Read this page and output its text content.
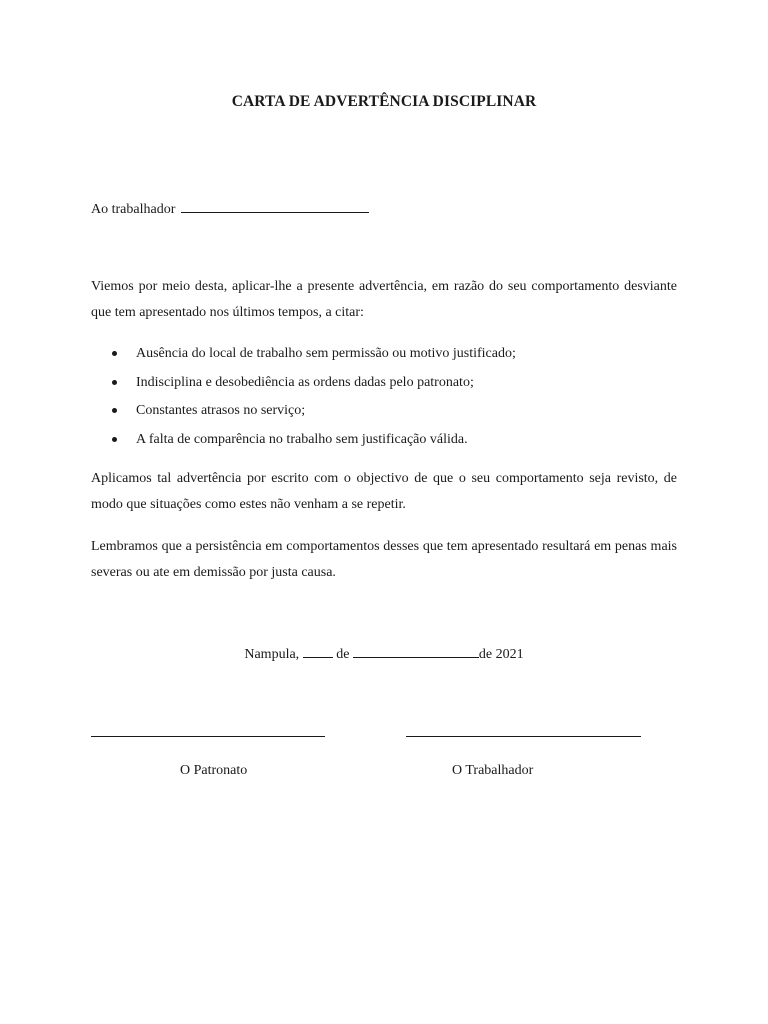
CARTA DE ADVERTÊNCIA DISCIPLINAR
Ao trabalhador
Viemos por meio desta, aplicar-lhe a presente advertência, em razão do seu comportamento desviante que tem apresentado nos últimos tempos, a citar:
Ausência do local de trabalho sem permissão ou motivo justificado;
Indisciplina e desobediência as ordens dadas pelo patronato;
Constantes atrasos no serviço;
A falta de comparência no trabalho sem justificação válida.
Aplicamos tal advertência por escrito com o objectivo de que o seu comportamento seja revisto, de modo que situações como estes não venham a se repetir.
Lembramos que a persistência em comportamentos desses que tem apresentado resultará em penas mais severas ou ate em demissão por justa causa.
Nampula,	de	de 2021
O Patronato	O Trabalhador
